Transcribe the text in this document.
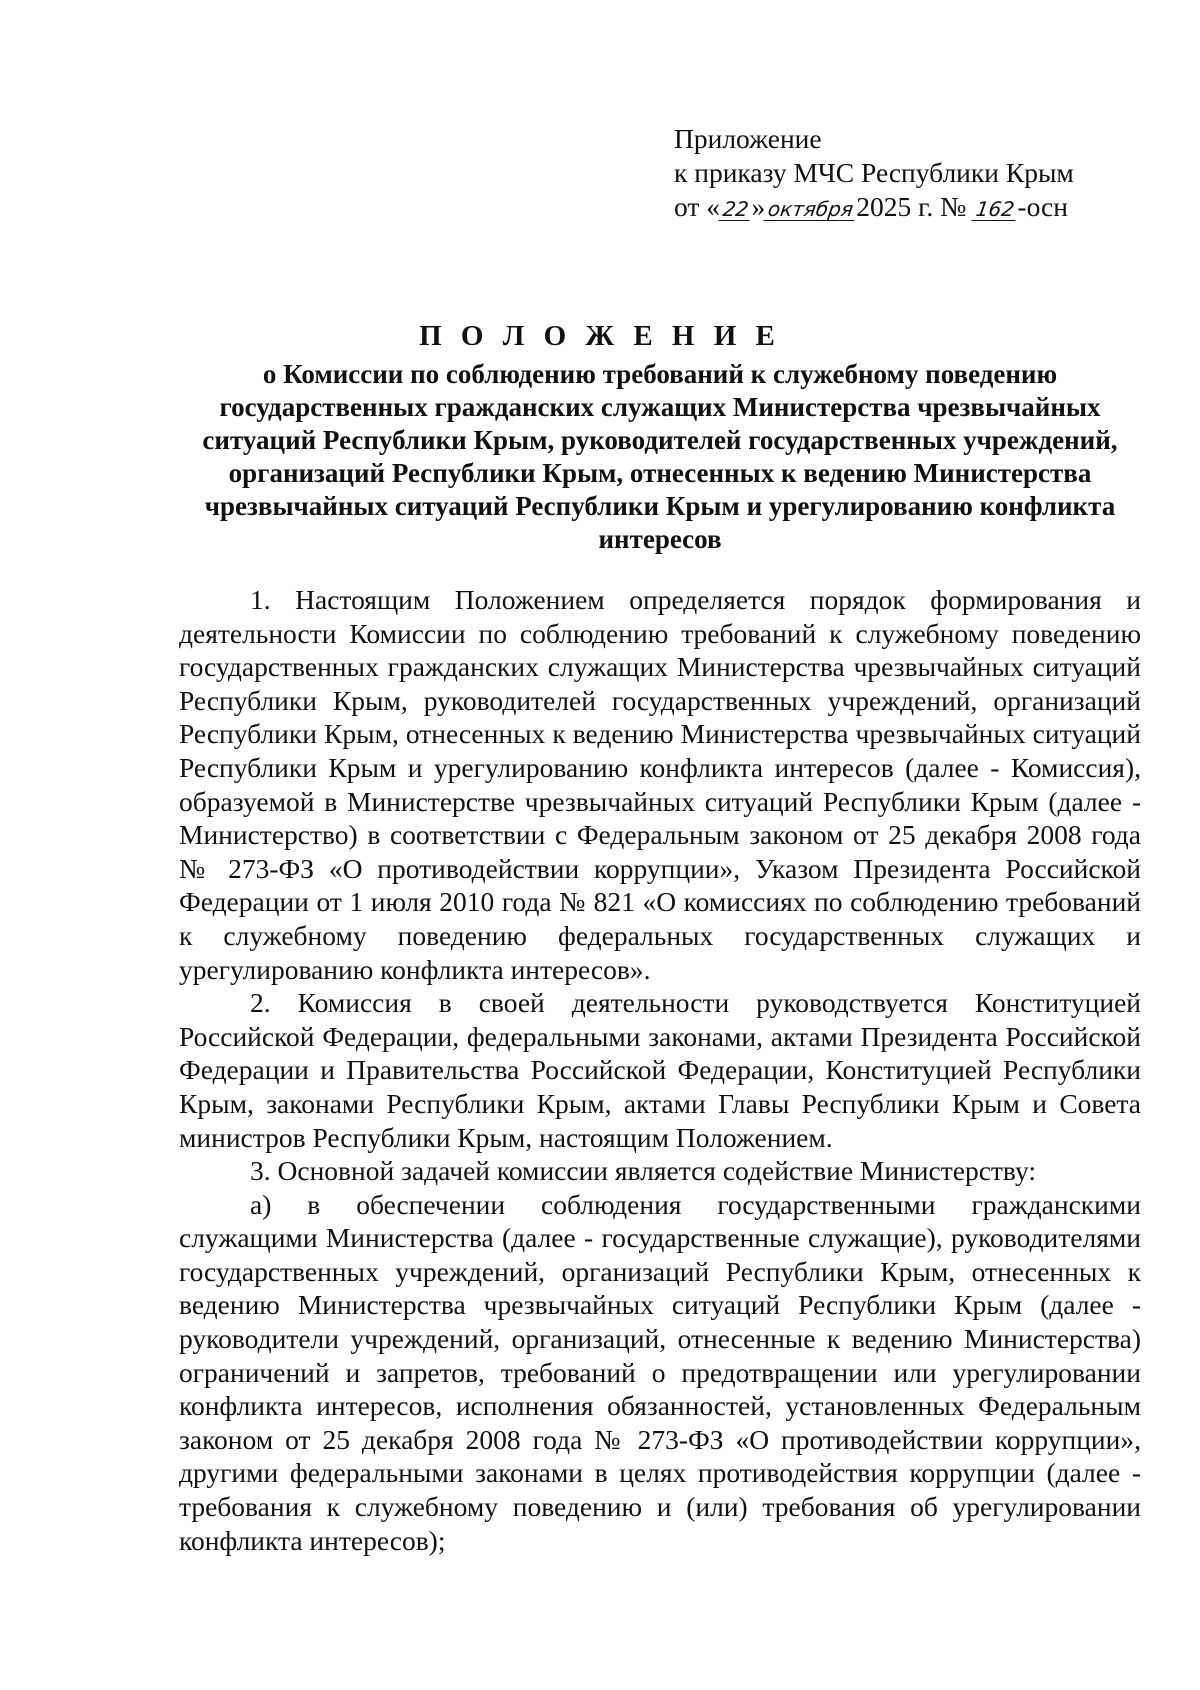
Приложение
к приказу МЧС Республики Крым
от «22»октября2025 г. № 162-осн
П О Л О Ж Е Н И Е
о Комиссии по соблюдению требований к служебному поведению государственных гражданских служащих Министерства чрезвычайных ситуаций Республики Крым, руководителей государственных учреждений, организаций Республики Крым, отнесенных к ведению Министерства чрезвычайных ситуаций Республики Крым и урегулированию конфликта интересов

1. Настоящим Положением определяется порядок формирования и деятельности Комиссии по соблюдению требований к служебному поведению государственных гражданских служащих Министерства чрезвычайных ситуаций Республики Крым, руководителей государственных учреждений, организаций Республики Крым, отнесенных к ведению Министерства чрезвычайных ситуаций Республики Крым и урегулированию конфликта интересов (далее - Комиссия), образуемой в Министерстве чрезвычайных ситуаций Республики Крым (далее - Министерство) в соответствии с Федеральным законом от 25 декабря 2008 года № 273-ФЗ «О противодействии коррупции», Указом Президента Российской Федерации от 1 июля 2010 года № 821 «О комиссиях по соблюдению требований к служебному поведению федеральных государственных служащих и урегулированию конфликта интересов».

2. Комиссия в своей деятельности руководствуется Конституцией Российской Федерации, федеральными законами, актами Президента Российской Федерации и Правительства Российской Федерации, Конституцией Республики Крым, законами Республики Крым, актами Главы Республики Крым и Совета министров Республики Крым, настоящим Положением.

3. Основной задачей комиссии является содействие Министерству:

а) в обеспечении соблюдения государственными гражданскими служащими Министерства (далее - государственные служащие), руководителями государственных учреждений, организаций Республики Крым, отнесенных к ведению Министерства чрезвычайных ситуаций Республики Крым (далее - руководители учреждений, организаций, отнесенные к ведению Министерства) ограничений и запретов, требований о предотвращении или урегулировании конфликта интересов, исполнения обязанностей, установленных Федеральным законом от 25 декабря 2008 года № 273-ФЗ «О противодействии коррупции», другими федеральными законами в целях противодействия коррупции (далее - требования к служебному поведению и (или) требования об урегулировании конфликта интересов);
